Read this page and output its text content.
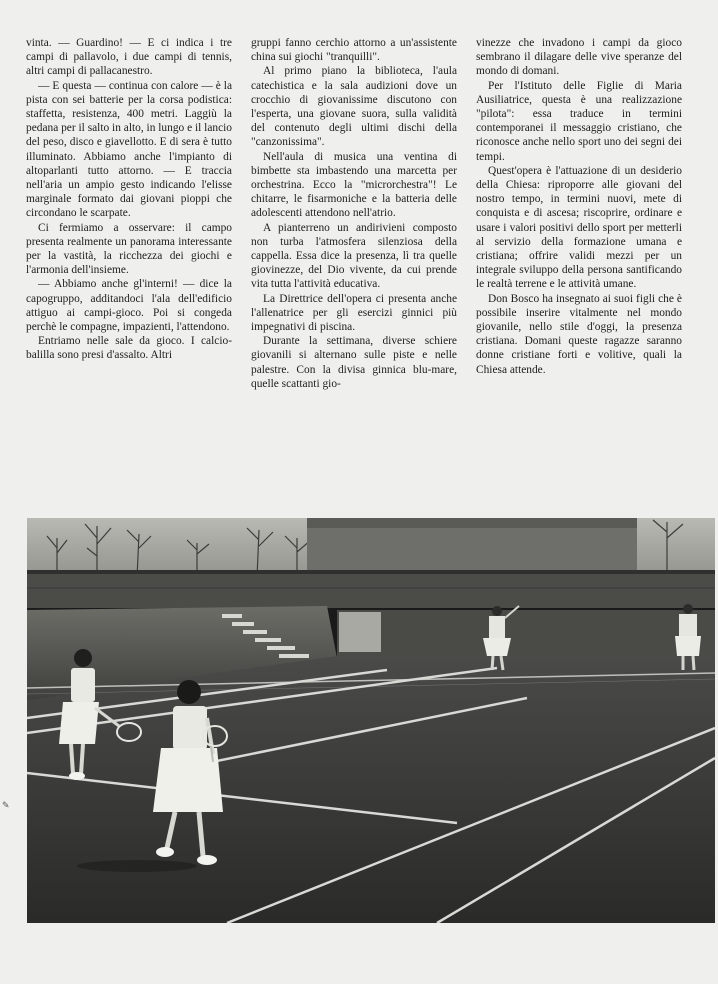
vinta. — Guardino! — E ci indica i tre campi di pallavolo, i due campi di tennis, altri campi di pallacanestro.

— E questa — continua con calore — è la pista con sei batterie per la corsa podistica: staffetta, resistenza, 400 metri. Laggiù la pedana per il salto in alto, in lungo e il lancio del peso, disco e giavellotto. E di sera è tutto illuminato. Abbiamo anche l'impianto di altoparlanti tutto attorno. — E traccia nell'aria un ampio gesto indicando l'elisse marginale formato dai giovani pioppi che circondano le scarpate.

Ci fermiamo a osservare: il campo presenta realmente un panorama interessante per la vastità, la ricchezza dei giochi e l'armonia dell'insieme.

— Abbiamo anche gl'interni! — dice la capogruppo, additandoci l'ala dell'edificio attiguo ai campi-gioco. Poi si congeda perchè le compagne, impazienti, l'attendono.

Entriamo nelle sale da gioco. I calcio-balilla sono presi d'assalto. Altri

gruppi fanno cerchio attorno a un'assistente china sui giochi "tranquilli".

Al primo piano la biblioteca, l'aula catechistica e la sala audizioni dove un crocchio di giovanissime discutono con l'esperta, una giovane suora, sulla validità del contenuto degli ultimi dischi della "canzonissima".

Nell'aula di musica una ventina di bimbette sta imbastendo una marcetta per orchestrina. Ecco la "microrchestra"! Le chitarre, le fisarmoniche e la batteria delle adolescenti attendono nell'atrio.

A pianterreno un andirivieni composto non turba l'atmosfera silenziosa della cappella. Essa dice la presenza, lì tra quelle giovinezze, del Dio vivente, da cui prende vita tutta l'attività educativa.

La Direttrice dell'opera ci presenta anche l'allenatrice per gli esercizi ginnici più impegnativi di piscina.

Durante la settimana, diverse schiere giovanili si alternano sulle piste e nelle palestre. Con la divisa ginnica blu-mare, quelle scattanti gio-

vinezze che invadono i campi da gioco sembrano il dilagare delle vive speranze del mondo di domani.

Per l'Istituto delle Figlie di Maria Ausiliatrice, questa è una realizzazione "pilota": essa traduce in termini contemporanei il messaggio cristiano, che riconosce anche nello sport uno dei segni dei tempi.

Quest'opera è l'attuazione di un desiderio della Chiesa: riproporre alle giovani del nostro tempo, in termini nuovi, mete di conquista e di ascesa; riscoprire, ordinare e usare i valori positivi dello sport per metterli al servizio della formazione umana e cristiana; offrire validi mezzi per un integrale sviluppo della persona santificando le realtà terrene e le attività umane.

Don Bosco ha insegnato ai suoi figli che è possibile inserire vitalmente nel mondo giovanile, nello stile d'oggi, la presenza cristiana. Domani queste ragazze saranno donne cristiane forti e volitive, quali la Chiesa attende.

✎
